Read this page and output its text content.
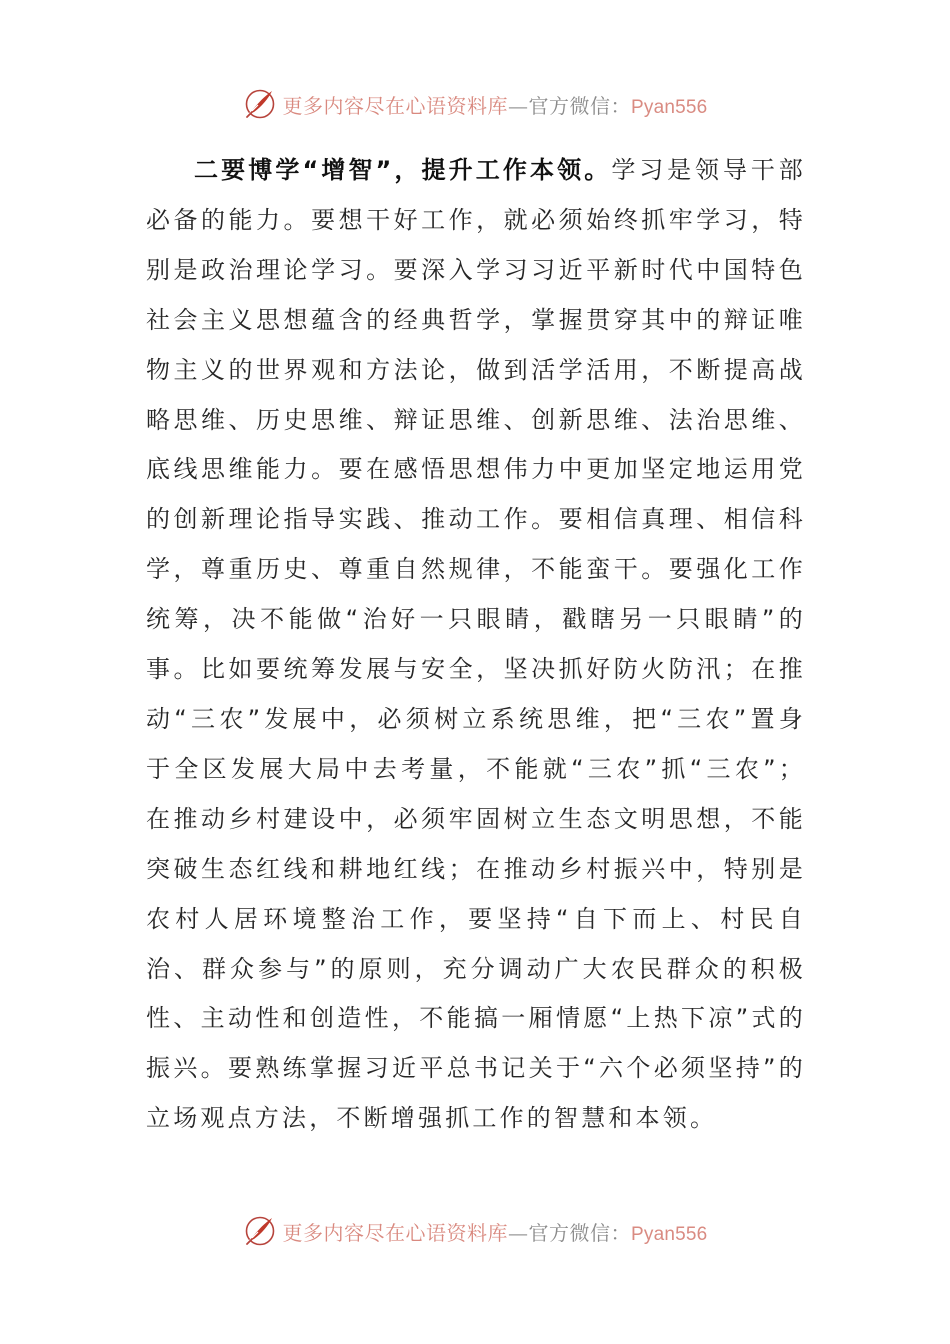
更多内容尽在心语资料库 — 官方微信： Pyan556

二要博学“增智”，提升工作本领。学习是领导干部必备的能力。要想干好工作，就必须始终抓牢学习，特别是政治理论学习。要深入学习习近平新时代中国特色社会主义思想蕴含的经典哲学，掌握贯穿其中的辩证唯物主义的世界观和方法论，做到活学活用，不断提高战略思维、历史思维、辩证思维、创新思维、法治思维、底线思维能力。要在感悟思想伟力中更加坚定地运用党的创新理论指导实践、推动工作。要相信真理、相信科学，尊重历史、尊重自然规律，不能蛮干。要强化工作统筹，决不能做“治好一只眼睛，戳瞎另一只眼睛”的事。比如要统筹发展与安全，坚决抓好防火防汛；在推动“三农”发展中，必须树立系统思维，把“三农”置身于全区发展大局中去考量，不能就“三农”抓“三农”；在推动乡村建设中，必须牢固树立生态文明思想，不能突破生态红线和耕地红线；在推动乡村振兴中，特别是农村人居环境整治工作，要坚持“自下而上、村民自治、群众参与”的原则，充分调动广大农民群众的积极性、主动性和创造性，不能搞一厢情愿“上热下凉”式的振兴。要熟练掌握习近平总书记关于“六个必须坚持”的立场观点方法，不断增强抓工作的智慧和本领。

更多内容尽在心语资料库 — 官方微信： Pyan556
